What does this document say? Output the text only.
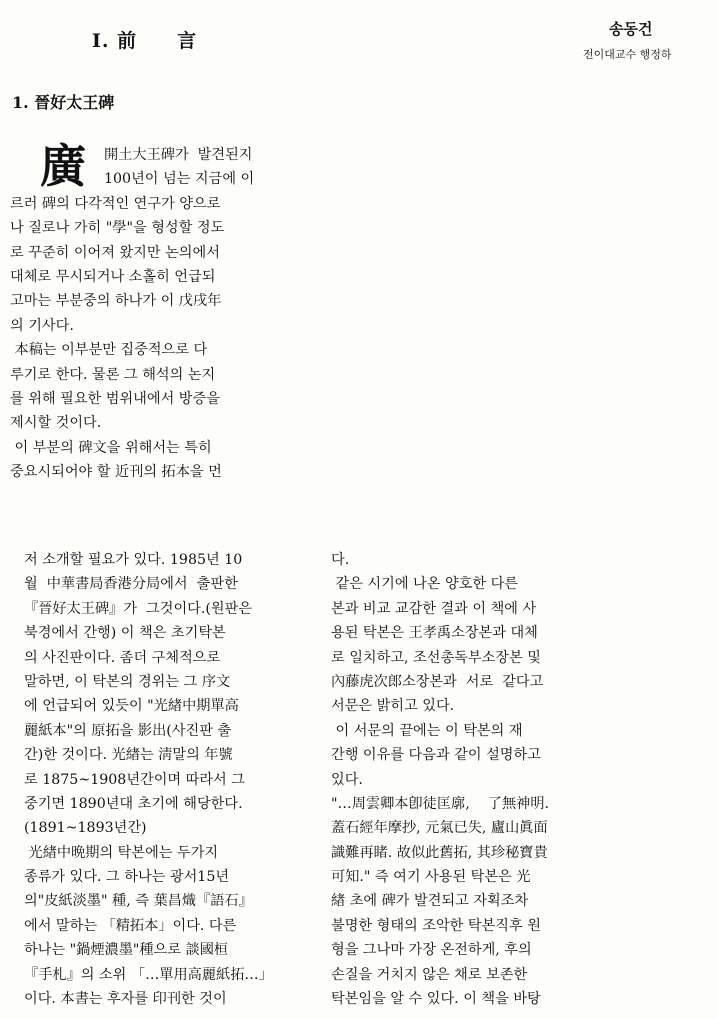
I. 前　　言
송동건
전이대교수 행정하
1. 晉好太王碑
廣	開土大王碑가  발견된지
100년이 넘는 지금에 이
르러 碑의 다각적인 연구가 양으로
나 질로나 가히 "學"을 형성할 정도
로 꾸준히 이어져 왔지만 논의에서
대체로 무시되거나 소홀히 언급되
고마는 부분중의 하나가 이 戊戌年
의 기사다.
本稿는 이부분만 집중적으로 다
루기로 한다. 물론 그 해석의 논지
를 위해 필요한 범위내에서 방증을
제시할 것이다.
이 부분의 碑文을 위해서는 특히
중요시되어야 할 近刊의 拓本을 먼
저 소개할 필요가 있다. 1985년 10
월  中華書局香港分局에서  출판한
『晉好太王碑』가  그것이다.(원판은
북경에서 간행) 이 책은 초기탁본
의 사진판이다. 좀더 구체적으로
말하면, 이 탁본의 경위는 그 序文
에 언급되어 있듯이 "光緖中期單高
麗紙本"의 原拓을 影出(사진판 출
간)한 것이다. 光緖는 淸말의 年號
로 1875~1908년간이며 따라서 그
중기면 1890년대 초기에 해당한다.
(1891~1893년간)
光緖中晩期의 탁본에는 두가지
종류가 있다. 그 하나는 광서15년
의"皮紙淡墨" 種, 즉 葉昌熾『語石』
에서 말하는 「精拓本」이다. 다른
하나는 "鍋煙濃墨"種으로 談國桓
『手札』의 소위 「…單用高麗紙拓…」
이다. 本書는 후자를 印刊한 것이
다.
같은 시기에 나온 양호한 다른
본과 비교 교감한 결과 이 책에 사
용된 탁본은 王孝禹소장본과 대체
로 일치하고, 조선총독부소장본 및
內藤虎次郎소장본과  서로  같다고
서문은 밝히고 있다.
이 서문의 끝에는 이 탁본의 재
간행 이유를 다음과 같이 설명하고
있다.
"…周雲卿本卽徒匡廓,    了無神明.
蓋石經年摩抄, 元氣已失, 廬山眞面
識難再睹. 故似此舊拓, 其珍秘寶貴
可知." 즉 여기 사용된 탁본은 光
緖 초에 碑가 발견되고 자획조차
불명한 형태의 조악한 탁본직후 원
형을 그나마 가장 온전하게, 후의
손질을 거치지 않은 채로 보존한
탁본임을 알 수 있다. 이 책을 바탕
